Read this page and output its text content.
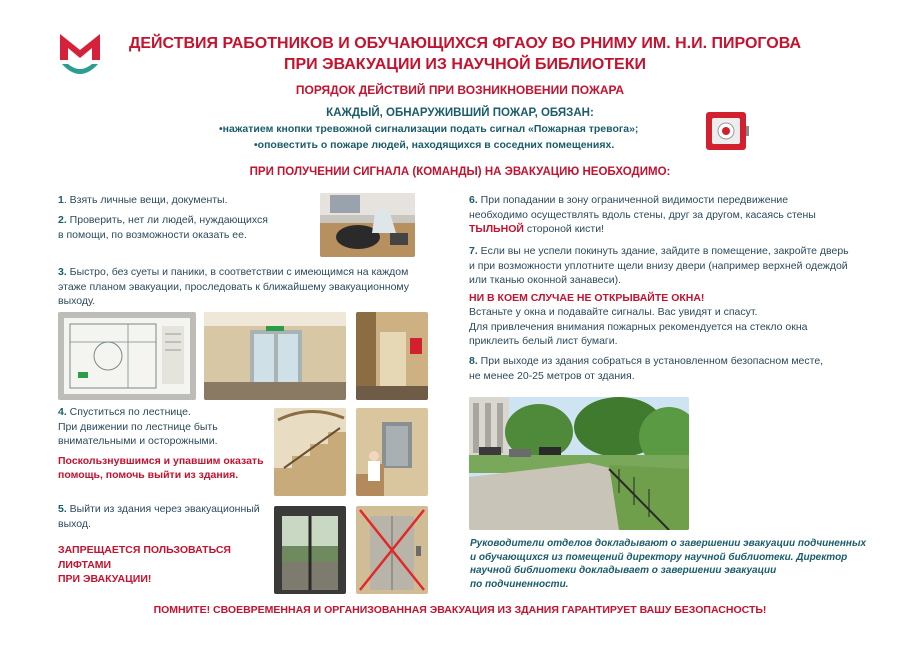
ДЕЙСТВИЯ РАБОТНИКОВ И ОБУЧАЮЩИХСЯ ФГАОУ ВО РНИМУ ИМ. Н.И. ПИРОГОВА
ПРИ ЭВАКУАЦИИ ИЗ НАУЧНОЙ БИБЛИОТЕКИ
ПОРЯДОК ДЕЙСТВИЙ ПРИ ВОЗНИКНОВЕНИИ ПОЖАРА
КАЖДЫЙ, ОБНАРУЖИВШИЙ ПОЖАР, ОБЯЗАН:
•нажатием кнопки тревожной сигнализации подать сигнал «Пожарная тревога»;
•оповестить о пожаре людей, находящихся в соседних помещениях.
ПРИ ПОЛУЧЕНИИ СИГНАЛА (КОМАНДЫ) НА ЭВАКУАЦИЮ НЕОБХОДИМО:
1. Взять личные вещи, документы.
2. Проверить, нет ли людей, нуждающихся
в помощи, по возможности оказать ее.
3. Быстро, без суеты и паники, в соответствии с имеющимся на каждом
этаже планом эвакуации, проследовать к ближайшему эвакуационному
выходу.
4. Спуститься по лестнице.
При движении по лестнице быть
внимательными и осторожными.
Поскользнувшимся и упавшим оказать
помощь, помочь выйти из здания.
5. Выйти из здания через эвакуационный
выход.
ЗАПРЕЩАЕТСЯ ПОЛЬЗОВАТЬСЯ ЛИФТАМИ
ПРИ ЭВАКУАЦИИ!
6. При попадании в зону ограниченной видимости передвижение
необходимо осуществлять вдоль стены, друг за другом, касаясь стены
ТЫЛЬНОЙ стороной кисти!
7. Если вы не успели покинуть здание, зайдите в помещение, закройте дверь
и при возможности уплотните щели внизу двери (например верхней одеждой
или тканью оконной занавеси).
НИ В КОЕМ СЛУЧАЕ НЕ ОТКРЫВАЙТЕ ОКНА!
Встаньте у окна и подавайте сигналы. Вас увидят и спасут.
Для привлечения внимания пожарных рекомендуется на стекло окна
приклеить белый лист бумаги.
8. При выходе из здания собраться в установленном безопасном месте,
не менее 20-25 метров от здания.
Руководители отделов докладывают о завершении эвакуации подчиненных
и обучающихся из помещений директору научной библиотеки. Директор
научной библиотеки докладывает о завершении эвакуации
по подчиненности.
ПОМНИТЕ! СВОЕВРЕМЕННАЯ И ОРГАНИЗОВАННАЯ ЭВАКУАЦИЯ ИЗ ЗДАНИЯ ГАРАНТИРУЕТ ВАШУ БЕЗОПАСНОСТЬ!
